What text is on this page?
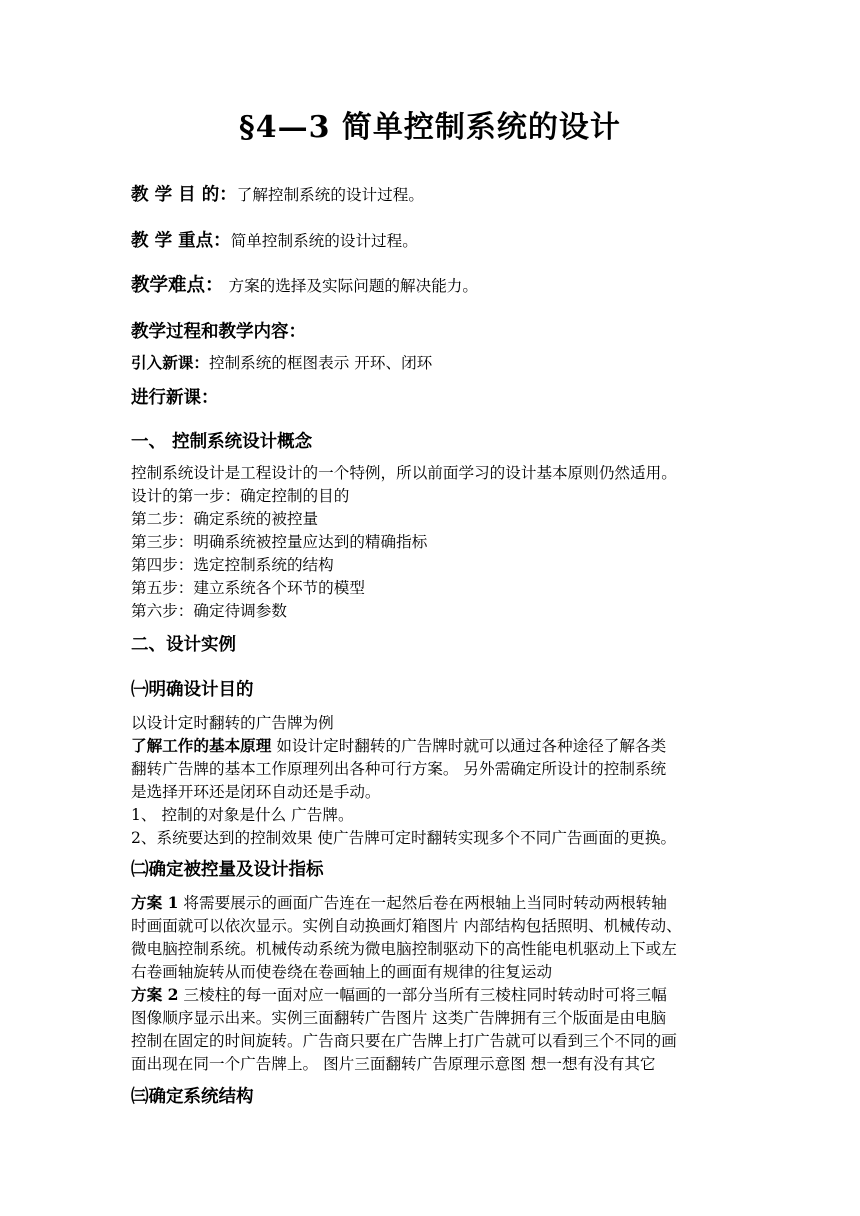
§4—3 简单控制系统的设计
教 学 目 的：了解控制系统的设计过程。
教 学 重点：简单控制系统的设计过程。
教学难点： 方案的选择及实际问题的解决能力。
教学过程和教学内容：
引入新课：控制系统的框图表示 开环、闭环
进行新课：
一、 控制系统设计概念
控制系统设计是工程设计的一个特例，所以前面学习的设计基本原则仍然适用。
设计的第一步：确定控制的目的
第二步：确定系统的被控量
第三步：明确系统被控量应达到的精确指标
第四步：选定控制系统的结构
第五步：建立系统各个环节的模型
第六步：确定待调参数
二、设计实例
㈠明确设计目的
以设计定时翻转的广告牌为例
了解工作的基本原理 如设计定时翻转的广告牌时就可以通过各种途径了解各类
翻转广告牌的基本工作原理列出各种可行方案。 另外需确定所设计的控制系统
是选择开环还是闭环自动还是手动。
1、 控制的对象是什么 广告牌。
2、系统要达到的控制效果 使广告牌可定时翻转实现多个不同广告画面的更换。
㈡确定被控量及设计指标
方案 1 将需要展示的画面广告连在一起然后卷在两根轴上当同时转动两根转轴
时画面就可以依次显示。实例自动换画灯箱图片 内部结构包括照明、机械传动、
微电脑控制系统。机械传动系统为微电脑控制驱动下的高性能电机驱动上下或左
右卷画轴旋转从而使卷绕在卷画轴上的画面有规律的往复运动
方案 2 三棱柱的每一面对应一幅画的一部分当所有三棱柱同时转动时可将三幅
图像顺序显示出来。实例三面翻转广告图片 这类广告牌拥有三个版面是由电脑
控制在固定的时间旋转。广告商只要在广告牌上打广告就可以看到三个不同的画
面出现在同一个广告牌上。 图片三面翻转广告原理示意图 想一想有没有其它
㈢确定系统结构
